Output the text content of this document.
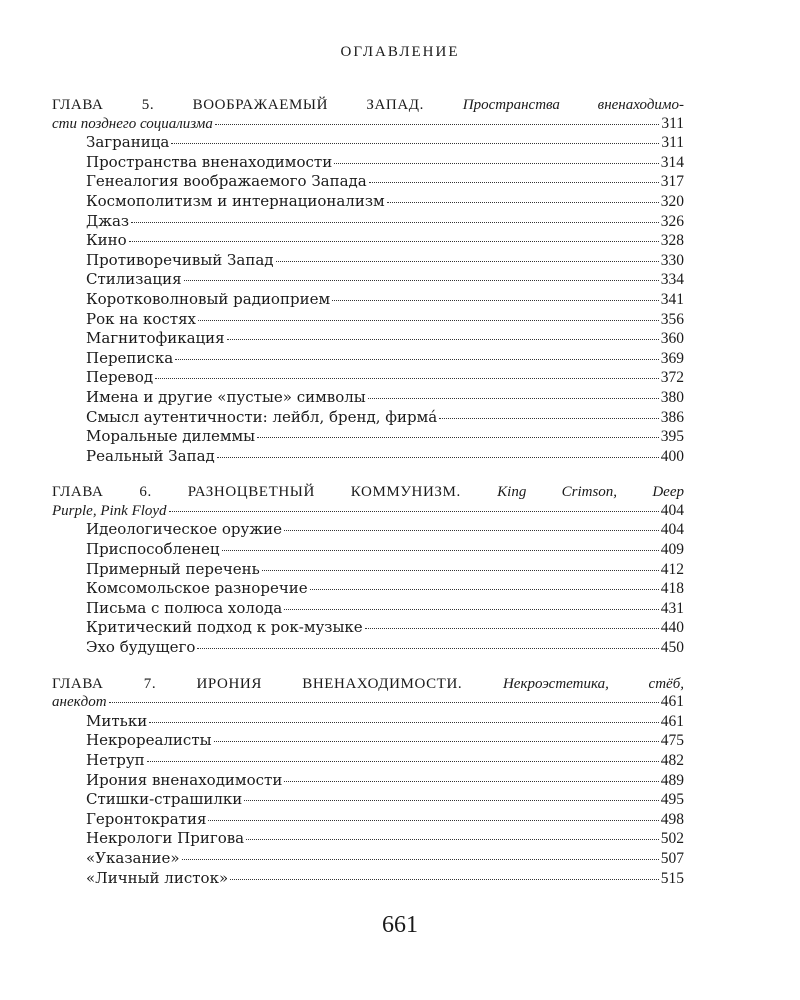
ОГЛАВЛЕНИЕ
ГЛАВА 5. ВООБРАЖАЕМЫЙ ЗАПАД.	Пространства вненаходимо-
сти позднего социализма	311
Заграница	311
Пространства вненаходимости	314
Генеалогия воображаемого Запада	317
Космополитизм и интернационализм	320
Джаз	326
Кино	328
Противоречивый Запад	330
Стилизация	334
Коротковолновый радиоприем	341
Рок на костях	356
Магнитофикация	360
Переписка	369
Перевод	372
Имена и другие «пустые» символы	380
Смысл аутентичности: лейбл, бренд, фирмá	386
Моральные дилеммы	395
Реальный Запад	400
ГЛАВА 6. РАЗНОЦВЕТНЫЙ КОММУНИЗМ. King Crimson, Deep
Purple, Pink Floyd	404
Идеологическое оружие	404
Приспособленец	409
Примерный перечень	412
Комсомольское разноречие	418
Письма с полюса холода	431
Критический подход к рок-музыке	440
Эхо будущего	450
ГЛАВА 7. ИРОНИЯ ВНЕНАХОДИМОСТИ.	Некроэстетика, стёб,
анекдот	461
Митьки	461
Некрореалисты	475
Нетруп	482
Ирония вненаходимости	489
Стишки-страшилки	495
Геронтократия	498
Некрологи Пригова	502
«Указание»	507
«Личный листок»	515
661
